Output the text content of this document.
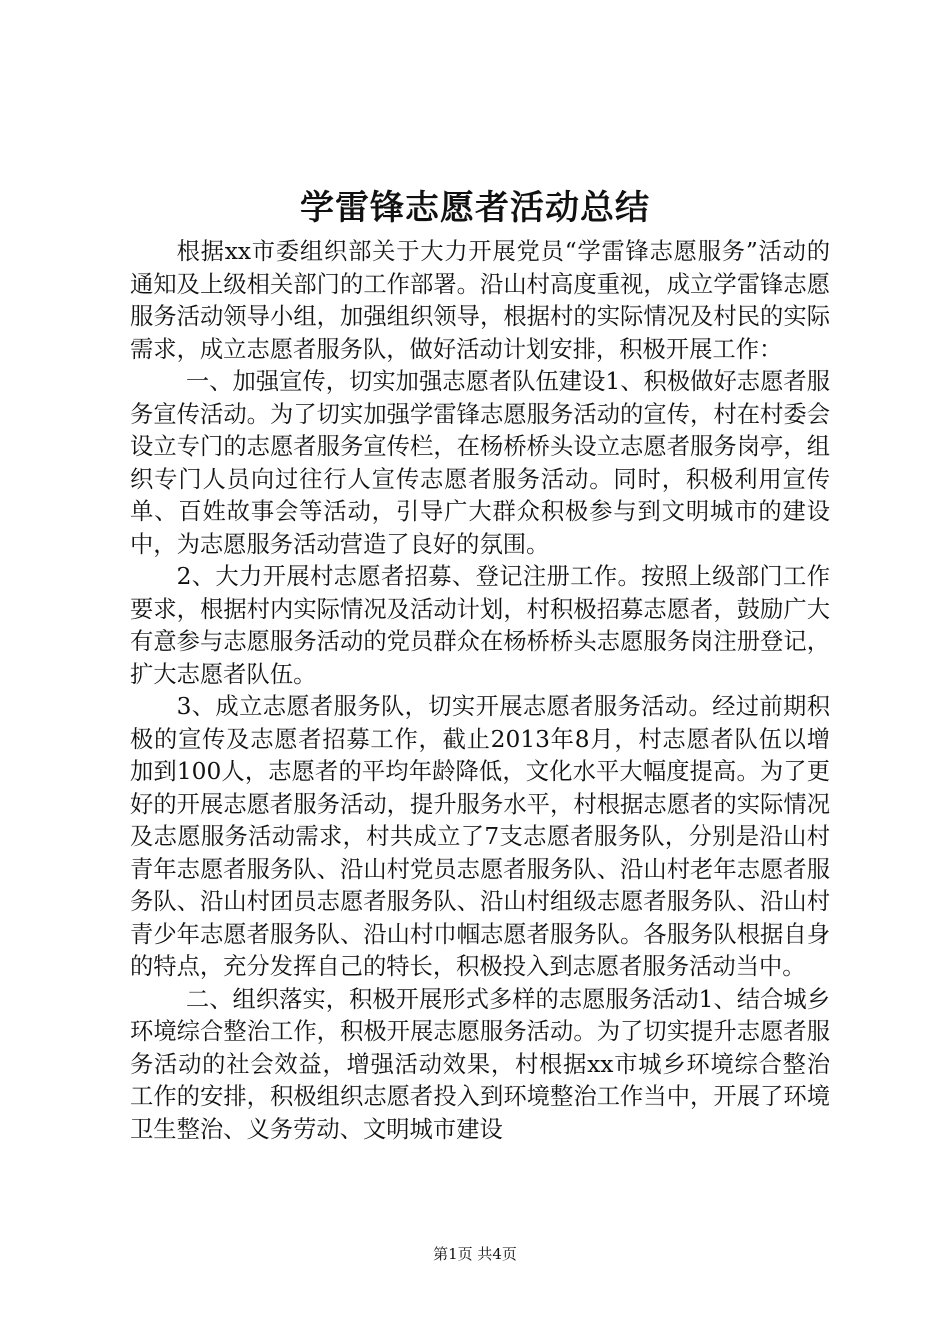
学雷锋志愿者活动总结

根据xx市委组织部关于大力开展党员“学雷锋志愿服务”活动的通知及上级相关部门的工作部署。沿山村高度重视，成立学雷锋志愿服务活动领导小组，加强组织领导，根据村的实际情况及村民的实际需求，成立志愿者服务队，做好活动计划安排，积极开展工作：

一、加强宣传，切实加强志愿者队伍建设1、积极做好志愿者服务宣传活动。为了切实加强学雷锋志愿服务活动的宣传，村在村委会设立专门的志愿者服务宣传栏，在杨桥桥头设立志愿者服务岗亭，组织专门人员向过往行人宣传志愿者服务活动。同时，积极利用宣传单、百姓故事会等活动，引导广大群众积极参与到文明城市的建设中，为志愿服务活动营造了良好的氛围。

2、大力开展村志愿者招募、登记注册工作。按照上级部门工作要求，根据村内实际情况及活动计划，村积极招募志愿者，鼓励广大有意参与志愿服务活动的党员群众在杨桥桥头志愿服务岗注册登记，扩大志愿者队伍。

3、成立志愿者服务队，切实开展志愿者服务活动。经过前期积极的宣传及志愿者招募工作，截止2013年8月，村志愿者队伍以增加到100人，志愿者的平均年龄降低，文化水平大幅度提高。为了更好的开展志愿者服务活动，提升服务水平，村根据志愿者的实际情况及志愿服务活动需求，村共成立了7支志愿者服务队，分别是沿山村青年志愿者服务队、沿山村党员志愿者服务队、沿山村老年志愿者服务队、沿山村团员志愿者服务队、沿山村组级志愿者服务队、沿山村青少年志愿者服务队、沿山村巾帼志愿者服务队。各服务队根据自身的特点，充分发挥自己的特长，积极投入到志愿者服务活动当中。

二、组织落实，积极开展形式多样的志愿服务活动1、结合城乡环境综合整治工作，积极开展志愿服务活动。为了切实提升志愿者服务活动的社会效益，增强活动效果，村根据xx市城乡环境综合整治工作的安排，积极组织志愿者投入到环境整治工作当中，开展了环境卫生整治、义务劳动、文明城市建设

第1页 共4页
